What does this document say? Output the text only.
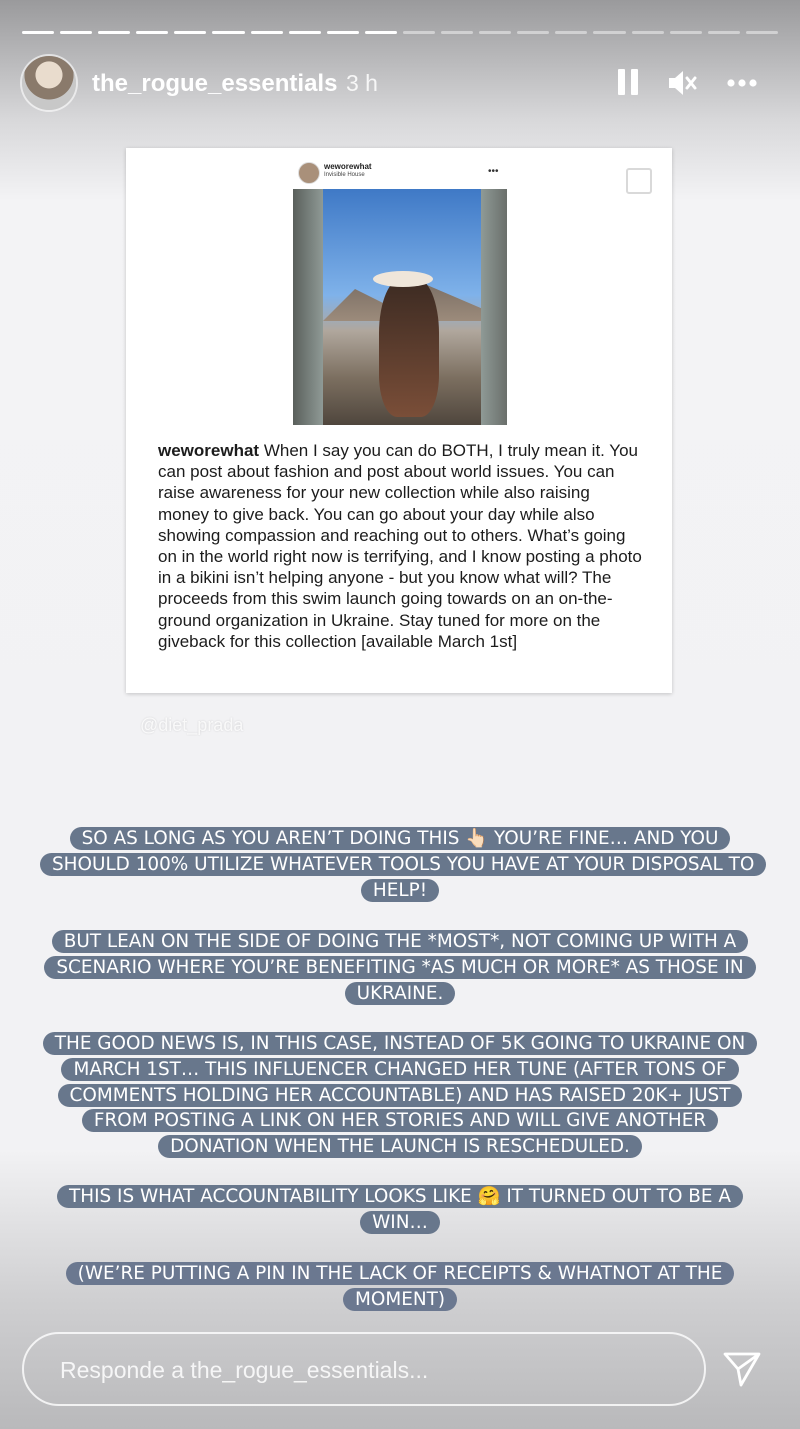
the_rogue_essentials 3 h
weworewhat
Invisible House	•••
weworewhat When I say you can do BOTH, I truly mean it. You can post about fashion and post about world issues. You can raise awareness for your new collection while also raising money to give back. You can go about your day while also showing compassion and reaching out to others. What’s going on in the world right now is terrifying, and I know posting a photo in a bikini isn’t helping anyone - but you know what will? The proceeds from this swim launch going towards on an on-the-ground organization in Ukraine. Stay tuned for more on the giveback for this collection [available March 1st]
@diet_prada
SO AS LONG AS YOU AREN’T DOING THIS 👆🏻 YOU’RE FINE… AND YOU SHOULD 100% UTILIZE WHATEVER TOOLS YOU HAVE AT YOUR DISPOSAL TO HELP!
BUT LEAN ON THE SIDE OF DOING THE *MOST*, NOT COMING UP WITH A SCENARIO WHERE YOU’RE BENEFITING *AS MUCH OR MORE* AS THOSE IN UKRAINE.
THE GOOD NEWS IS, IN THIS CASE, INSTEAD OF 5K GOING TO UKRAINE ON MARCH 1ST… THIS INFLUENCER CHANGED HER TUNE (AFTER TONS OF COMMENTS HOLDING HER ACCOUNTABLE) AND HAS RAISED 20K+ JUST FROM POSTING A LINK ON HER STORIES AND WILL GIVE ANOTHER DONATION WHEN THE LAUNCH IS RESCHEDULED.
THIS IS WHAT ACCOUNTABILITY LOOKS LIKE 🤗 IT TURNED OUT TO BE A WIN…
(WE’RE PUTTING A PIN IN THE LACK OF RECEIPTS & WHATNOT AT THE MOMENT)
Responde a the_rogue_essentials...
